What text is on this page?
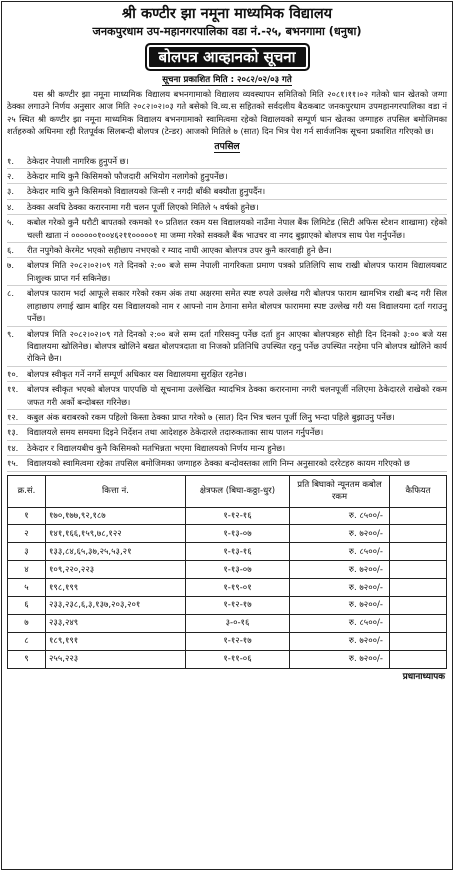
श्री कण्टीर झा नमूना माध्यमिक विद्यालय
जनकपुरधाम उप-महानगरपालिका वडा नं.-२५, बभनगामा (धनुषा)
बोलपत्र आव्हानको सूचना
सूचना प्रकाशित मिति : २०८२/०२/०३ गते

यस श्री कण्टीर झा नमूना माध्यमिक विद्यालय बभनगामाको विद्यालय व्यवस्थापन समितिको मिति २०८१।११।०२ गतेको धान खेतको जग्गा ठेक्का लगाउने निर्णय अनुसार आज मिति २०८२।०२।०३ गते बसेको वि.व्य.स सहितको सर्वदलीय बैठकबाट जनकपुरधाम उपमहानगरपालिका वडा नं २५ स्थित श्री कण्टीर झा नमूना माध्यमिक विद्यालय बभनगामाको स्वामित्वमा रहेको विद्यालयको सम्पूर्ण धान खेतका जग्गाहरु तपसिल बमोजिमका शर्तहरुको अधिनमा रही रितपूर्वक सिलबन्दी बोलपत्र (टेन्डर) आजको मितिले ७ (सात) दिन भित्र पेश गर्न सार्वजनिक सूचना प्रकाशित गरिएको छ।

तपसिल
१.	ठेकेदार नेपाली नागरिक हुनुपर्ने छ।
२.	ठेकेदार माथि कुनै किसिमको फौजदारी अभियोग नलागेको हुनुपर्नेछ।
३.	ठेकेदार माथि कुनै किसिमको विद्यालयको जिन्सी र नगदी बाँकी बक्यौता हुनुपर्दैन।
४.	ठेक्का अवधि ठेक्का करारनामा गरी चलन पूर्जी लिएको मितिले ५ वर्षको हुनेछ।
५.	कबोल गरेको कुनै धरौटी बापतको रकमको १० प्रतिशत रकम यस विद्यालयको नाउँमा नेपाल बैंक लिमिटेड (सिटी अफिस स्टेशन शाखामा) रहेको चल्ती खाता नं ००००००१००४६२११०००००१ मा जम्मा गरेको सक्कलै बैंक भाउचर वा नगद बुझाएको बोलपत्र साथ पेश गर्नुपर्नेछ।
६.	रीत नपुगेको केरमेट भएको सहीछाप नभएको र म्याद नाघी आएका बोलपत्र उपर कुनै कारवाही हुने छैन।
७.	बोलपत्र मिति २०८२।०२।०९ गते दिनको २:०० बजे सम्म नेपाली नागरिकता प्रमाण पत्रको प्रतिलिपि साथ राखी बोलपत्र फाराम विद्यालयबाट निःशुल्क प्राप्त गर्न सकिनेछ।
८.	बोलपत्र फाराम भर्दा आफूले सकार गरेको रकम अंक तथा अक्षरमा समेत स्पष्ट रुपले उल्लेख गरी बोलपत्र फाराम खामभित्र राखी बन्द गरी सिल लाहाछाप लगाई खाम बाहिर यस विद्यालयको नाम र आफ्नो नाम ठेगाना समेत बोलपत्र फाराममा स्पष्ट उल्लेख गरी यस विद्यालयमा दर्ता गराउनु पर्नेछ।
९.	बोलपत्र मिति २०८२।०२।०९ गते दिनको २:०० बजे सम्म दर्ता गरिसक्नु पर्नेछ दर्ता हुन आएका बोलपत्रहरु सोही दिन दिनको ३:०० बजे यस विद्यालयमा खोलिनेछ। बोलपत्र खोलिने बखत बोलपत्रदाता वा निजको प्रतिनिधि उपस्थित रहनु पर्नेछ उपस्थित नरहेमा पनि बोलपत्र खोलिने कार्य रोकिने छैन।
१०.	बोलपत्र स्वीकृत गर्ने नगर्ने सम्पूर्ण अधिकार यस विद्यालयमा सुरक्षित रहनेछ।
११.	बोलपत्र स्वीकृत भएको बोलपत्र पाएपछि यो सूचनामा उल्लेखित म्यादभित्र ठेक्का करारनामा नगरी चलनपूर्जी नलिएमा ठेकेदारले राखेको रकम जफत गरी अर्को बन्दोबस्त गरिनेछ।
१२.	कबुल अंक बराबरको रकम पहिलो किस्ता ठेक्का प्राप्त गरेको ७ (सात) दिन भित्र चलन पूर्जी लिनु भन्दा पहिले बुझाउनु पर्नेछ।
१३.	विद्यालयले समय समयमा दिइने निर्देशन तथा आदेशहरु ठेकेदारले तदारुकताका साथ पालन गर्नुपर्नेछ।
१४.	ठेकेदार र विद्यालयबीच कुनै किसिमको मतभिन्नता भएमा विद्यालयको निर्णय मान्य हुनेछ।
१५.	विद्यालयको स्वामित्वमा रहेका तपसिल बमोजिमका जग्गाहरु ठेक्का बन्दोवस्तका लागि निम्न अनुसारको दररेटहरु कायम गरिएको छ
क्र.सं.	कित्ता नं.	क्षेत्रफल (बिघा-कठ्ठा-धुर)	प्रति बिघाको न्यूनतम कबोल रकम	कैफियत
१	१७०,१७७,९२,१८७	१-१२-१६	रु. ८५००/-	
२	१४१,१६६,१५९,७८,१२२	१-१३-०७	रु. ७२००/-	
३	१३३,८४,६५,३७,२५,५३,२१	१-१३-१६	रु. ८५००/-	
४	१०९,२२०,२२३	१-१३-०७	रु. ७२००/-	
५	१९८,१९९	१-१९-०१	रु. ७२००/-	
६	२३३,२३८,६,३,१३७,२०३,२०१	१-१२-१७	रु. ७२००/-	
७	२३३,२४९	३-०-१६	रु. ८५००/-	
८	१८९,१९१	१-१२-१७	रु. ७२००/-	
९	२५५,२२३	१-११-०६	रु. ७२००/-	
प्रधानाध्यापक
